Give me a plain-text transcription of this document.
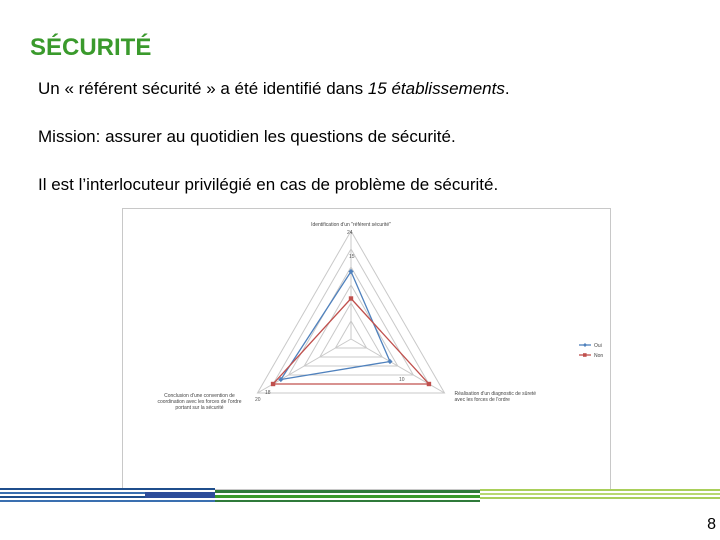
SÉCURITÉ
Un « référent sécurité » a été identifié dans 15 établissements.
Mission: assurer au quotidien les questions de sécurité.
Il est l’interlocuteur privilégié en cas de problème de sécurité.
24
15
10
18
20
Identification d'un "référent sécurité"
Réalisation d'un diagnostic de sûreté avec les forces de l'ordre
Conclusion d'une convention de coordination avec les forces de l'ordre portant sur la sécurité
Oui
Non
8
